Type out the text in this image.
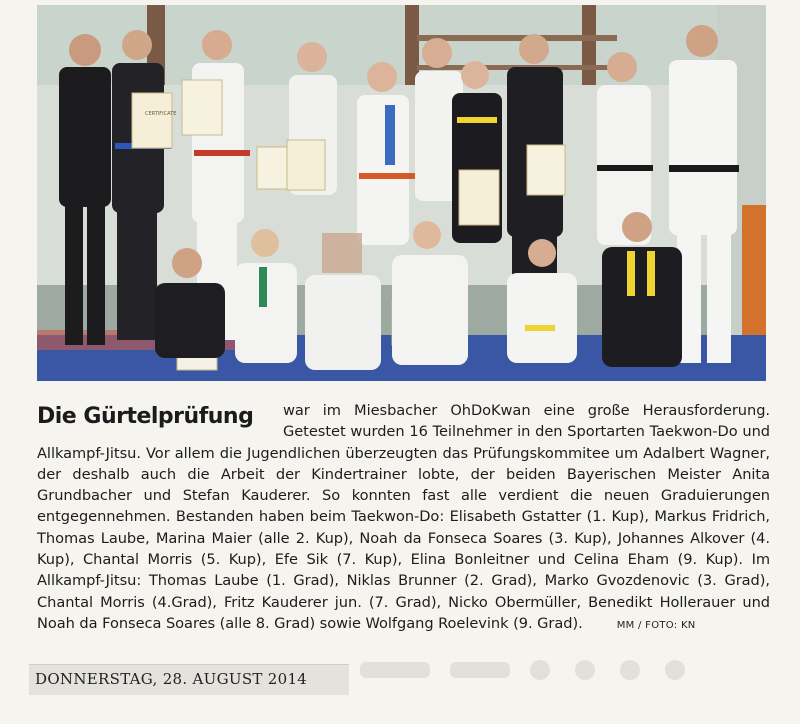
CERTIFICATE
Die Gürtelprüfung	war im Miesbacher OhDoKwan eine große Herausforderung. Getestet wurden 16 Teilnehmer in den Sportarten Taekwon-Do und Allkampf-Jitsu. Vor allem die Jugendlichen überzeugten das Prüfungskommitee um Adalbert Wagner, der deshalb auch die Arbeit der Kindertrainer lobte, der beiden Bayerischen Meister Anita Grundbacher und Stefan Kauderer. So konnten fast alle verdient die neuen Graduierungen entgegennehmen. Bestanden haben beim Taekwon-Do: Elisabeth Gstatter (1. Kup), Markus Fridrich, Thomas Laube, Marina Maier (alle 2. Kup), Noah da Fonseca Soares (3. Kup), Johannes Alkover (4. Kup), Chantal Morris (5. Kup), Efe Sik (7. Kup), Elina Bonleitner und Celina Eham (9. Kup). Im Allkampf-Jitsu: Thomas Laube (1. Grad), Niklas Brunner (2. Grad), Marko Gvozdenovic (3. Grad), Chantal Morris (4.Grad), Fritz Kauderer jun. (7. Grad), Nicko Obermüller, Benedikt Hollerauer und Noah da Fonseca Soares (alle 8. Grad) sowie Wolfgang Roelevink (9. Grad).	MM / FOTO: KN

DONNERSTAG, 28. AUGUST 2014
